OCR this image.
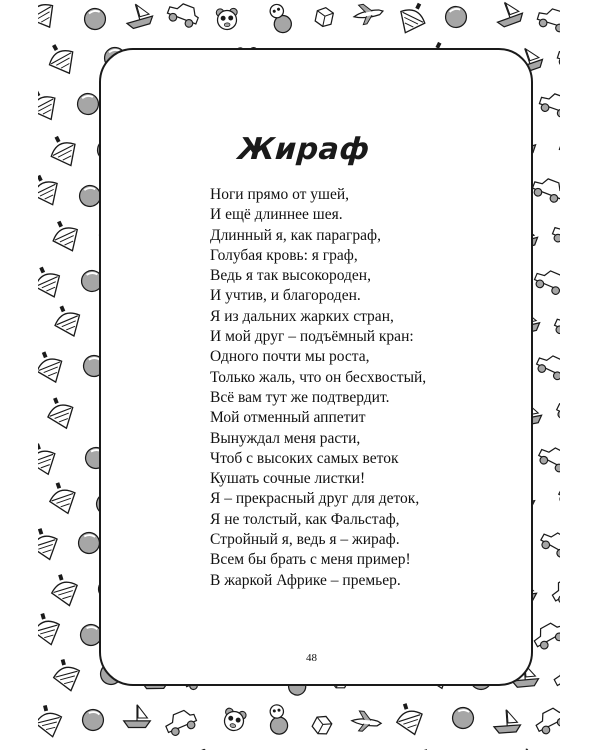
Жираф
Ноги прямо от ушей,
И ещё длиннее шея.
Длинный я, как параграф,
Голубая кровь: я граф,
Ведь я так высокороден,
И учтив, и благороден.
Я из дальних жарких стран,
И мой друг – подъёмный кран:
Одного почти мы роста,
Только жаль, что он бесхвостый,
Всё вам тут же подтвердит.
Мой отменный аппетит
Вынуждал меня расти,
Чтоб с высоких самых веток
Кушать сочные листки!
Я – прекрасный друг для деток,
Я не толстый, как Фальстаф,
Стройный я, ведь я – жираф.
Всем бы брать с меня пример!
В жаркой Африке – премьер.
48
